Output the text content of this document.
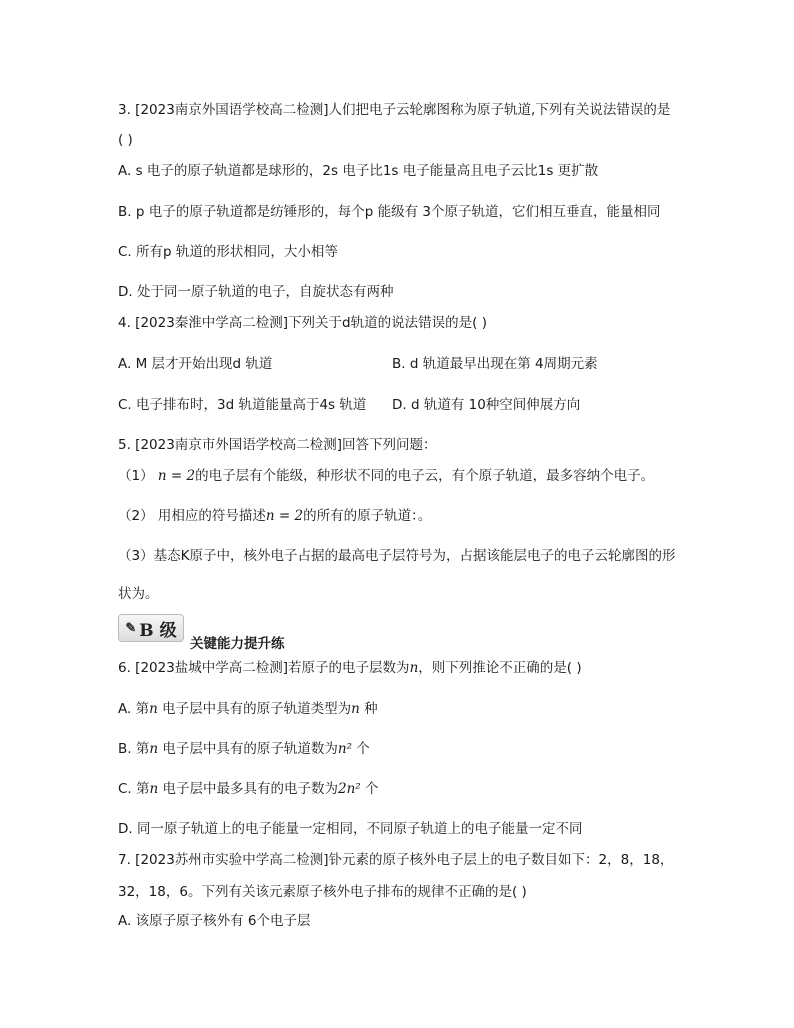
3. [2023南京外国语学校高二检测]人们把电子云轮廓图称为原子轨道,下列有关说法错误的是
( )
A. s 电子的原子轨道都是球形的，2s 电子比1s 电子能量高且电子云比1s 更扩散
B. p 电子的原子轨道都是纺锤形的，每个p 能级有 3个原子轨道，它们相互垂直，能量相同
C. 所有p 轨道的形状相同，大小相等
D. 处于同一原子轨道的电子，自旋状态有两种
4. [2023秦淮中学高二检测]下列关于d轨道的说法错误的是( )
A. M 层才开始出现d 轨道	B. d 轨道最早出现在第 4周期元素
C. 电子排布时，3d 轨道能量高于4s 轨道 D. d 轨道有 10种空间伸展方向
5. [2023南京市外国语学校高二检测]回答下列问题：
（1） n = 2的电子层有个能级，种形状不同的电子云，有个原子轨道，最多容纳个电子。
（2） 用相应的符号描述n = 2的所有的原子轨道：。
（3）基态K原子中，核外电子占据的最高电子层符号为，占据该能层电子的电子云轮廓图的形
状为。
✎ B 级
关键能力提升练
6. [2023盐城中学高二检测]若原子的电子层数为n，则下列推论不正确的是( )
A. 第n 电子层中具有的原子轨道类型为n 种
B. 第n 电子层中具有的原子轨道数为n² 个
C. 第n 电子层中最多具有的电子数为2n² 个
D. 同一原子轨道上的电子能量一定相同，不同原子轨道上的电子能量一定不同
7. [2023苏州市实验中学高二检测]钋元素的原子核外电子层上的电子数目如下：2，8，18，
32，18，6。下列有关该元素原子核外电子排布的规律不正确的是( )
A. 该原子原子核外有 6个电子层
